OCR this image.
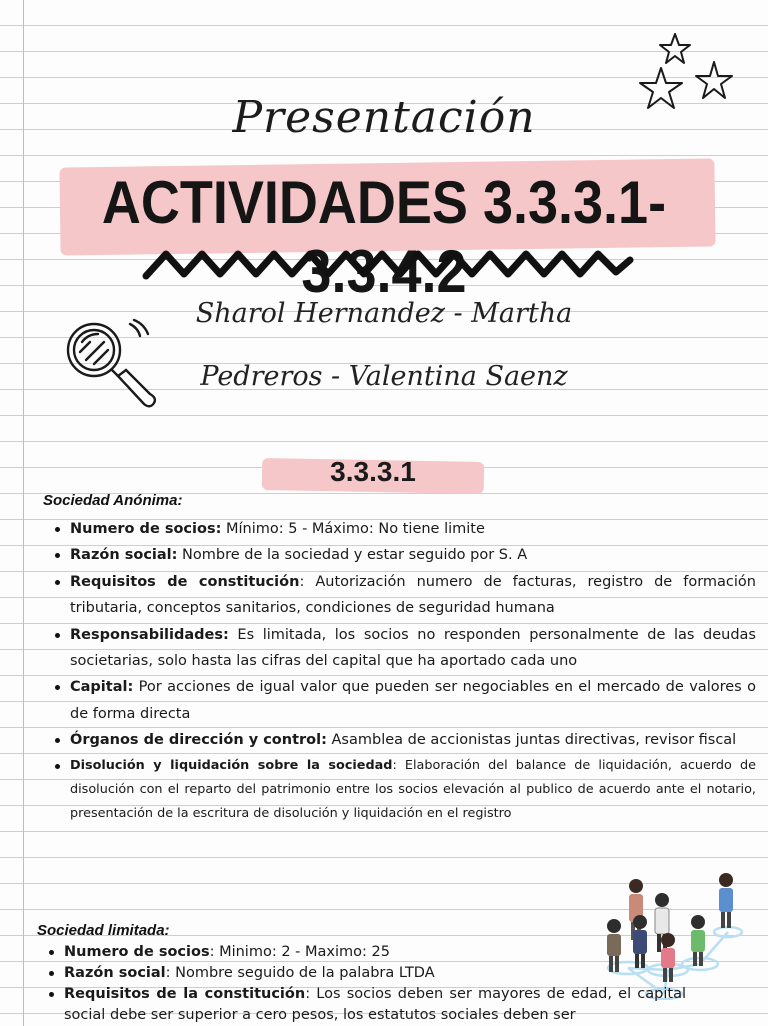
Presentación
ACTIVIDADES 3.3.3.1-3.3.4.2
Sharol Hernandez - Martha
Pedreros - Valentina Saenz
3.3.3.1
Sociedad Anónima:
Numero de socios: Mínimo: 5 - Máximo: No tiene limite
Razón social: Nombre de la sociedad y estar seguido por S. A
Requisitos de constitución: Autorización numero de facturas, registro de formación tributaria, conceptos sanitarios, condiciones de seguridad humana
Responsabilidades: Es limitada, los socios no responden personalmente de las deudas societarias, solo hasta las cifras del capital que ha aportado cada uno
Capital: Por acciones de igual valor que pueden ser negociables en el mercado de valores o de forma directa
Órganos de dirección y control: Asamblea de accionistas juntas directivas, revisor fiscal
Disolución y liquidación sobre la sociedad: Elaboración del balance de liquidación, acuerdo de disolución con el reparto del patrimonio entre los socios elevación al publico de acuerdo ante el notario, presentación de la escritura de disolución y liquidación en el registro
Sociedad limitada:
Numero de socios: Minimo: 2 - Maximo: 25
Razón social: Nombre seguido de la palabra LTDA
Requisitos de la constitución: Los socios deben ser mayores de edad, el capital social debe ser superior a cero pesos, los estatutos sociales deben ser
